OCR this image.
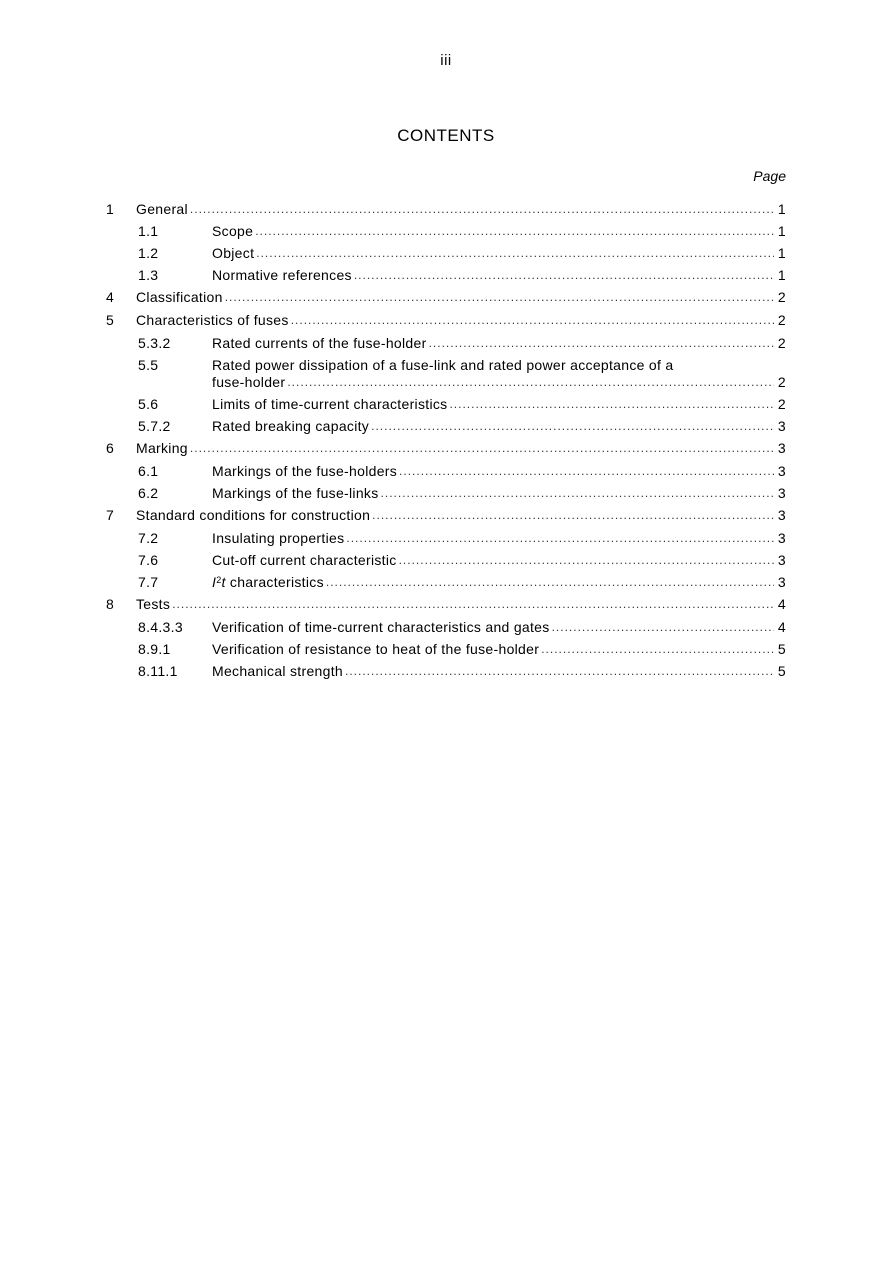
iii
CONTENTS
Page
1	General .....	1
1.1	Scope .....	1
1.2	Object .....	1
1.3	Normative references .....	1
4	Classification .....	2
5	Characteristics of fuses .....	2
5.3.2	Rated currents of the fuse-holder .....	2
5.5	Rated power dissipation of a fuse-link and rated power acceptance of a
fuse-holder .....	2
5.6	Limits of time-current characteristics .....	2
5.7.2	Rated breaking capacity .....	3
6	Marking .....	3
6.1	Markings of the fuse-holders .....	3
6.2	Markings of the fuse-links .....	3
7	Standard conditions for construction .....	3
7.2	Insulating properties .....	3
7.6	Cut-off current characteristic .....	3
7.7	$I^2t$ characteristics .....	3
8	Tests .....	4
8.4.3.3	Verification of time-current characteristics and gates .....	4
8.9.1	Verification of resistance to heat of the fuse-holder .....	5
8.11.1	Mechanical strength .....	5
